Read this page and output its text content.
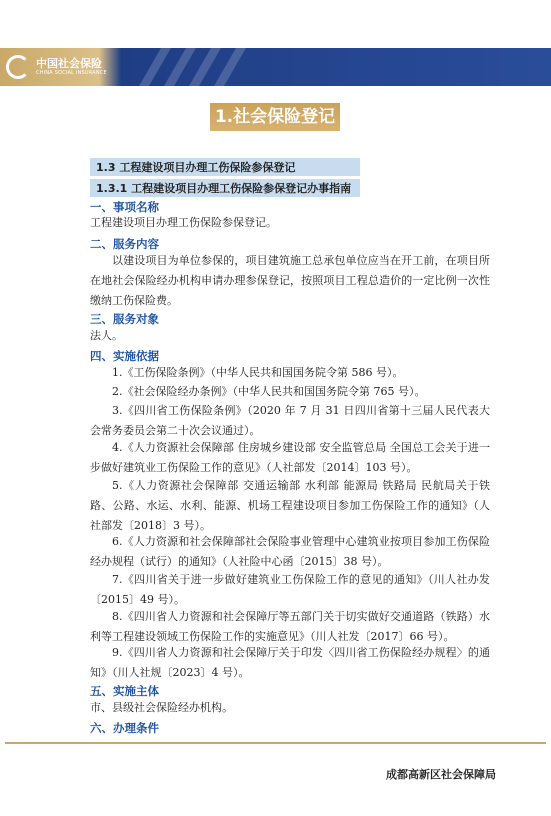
中国社会保险
CHINA SOCIAL INSURANCE
1.社会保险登记
1.3 工程建设项目办理工伤保险参保登记
1.3.1 工程建设项目办理工伤保险参保登记办事指南
一、事项名称
工程建设项目办理工伤保险参保登记。
二、服务内容
以建设项目为单位参保的，项目建筑施工总承包单位应当在开工前，在项目所在地社会保险经办机构申请办理参保登记，按照项目工程总造价的一定比例一次性缴纳工伤保险费。
三、服务对象
法人。
四、实施依据
1.《工伤保险条例》（中华人民共和国国务院令第 586 号）。
2.《社会保险经办条例》（中华人民共和国国务院令第 765 号）。
3.《四川省工伤保险条例》（2020 年 7 月 31 日四川省第十三届人民代表大会常务委员会第二十次会议通过）。
4.《人力资源社会保障部 住房城乡建设部 安全监管总局 全国总工会关于进一步做好建筑业工伤保险工作的意见》（人社部发〔2014〕103 号）。
5.《人力资源社会保障部 交通运输部 水利部 能源局 铁路局 民航局关于铁路、公路、水运、水利、能源、机场工程建设项目参加工伤保险工作的通知》（人社部发〔2018〕3 号）。
6.《人力资源和社会保障部社会保险事业管理中心建筑业按项目参加工伤保险经办规程（试行）的通知》（人社险中心函〔2015〕38 号）。
7.《四川省关于进一步做好建筑业工伤保险工作的意见的通知》（川人社办发〔2015〕49 号）。
8.《四川省人力资源和社会保障厅等五部门关于切实做好交通道路（铁路）水利等工程建设领域工伤保险工作的实施意见》（川人社发〔2017〕66 号）。
9.《四川省人力资源和社会保障厅关于印发〈四川省工伤保险经办规程〉的通知》（川人社规〔2023〕4 号）。
五、实施主体
市、县级社会保险经办机构。
六、办理条件
成都高新区社会保障局
